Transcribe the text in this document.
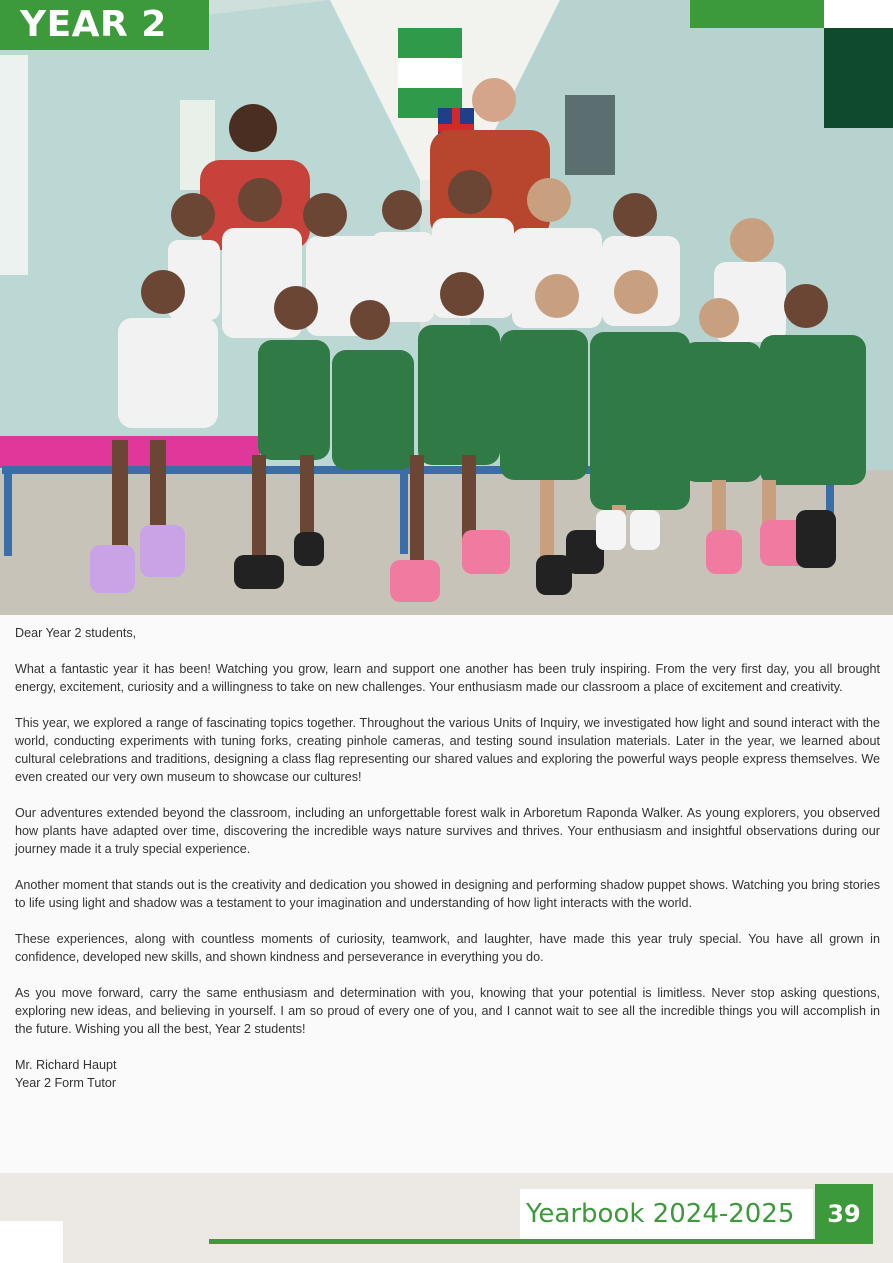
YEAR 2

Dear Year 2 students,

What a fantastic year it has been! Watching you grow, learn and support one another has been truly inspiring. From the very first day, you all brought energy, excitement, curiosity and a willingness to take on new challenges. Your enthusiasm made our classroom a place of excitement and creativity.

This year, we explored a range of fascinating topics together. Throughout the various Units of Inquiry, we investigated how light and sound interact with the world, conducting experiments with tuning forks, creating pinhole cameras, and testing sound insulation materials. Later in the year, we learned about cultural celebrations and traditions, designing a class flag representing our shared values and exploring the powerful ways people express themselves. We even created our very own museum to showcase our cultures!

Our adventures extended beyond the classroom, including an unforgettable forest walk in Arboretum Raponda Walker. As young explorers, you observed how plants have adapted over time, discovering the incredible ways nature survives and thrives. Your enthusiasm and insightful observations during our journey made it a truly special experience.

Another moment that stands out is the creativity and dedication you showed in designing and performing shadow puppet shows. Watching you bring stories to life using light and shadow was a testament to your imagination and understanding of how light interacts with the world.

These experiences, along with countless moments of curiosity, teamwork, and laughter, have made this year truly special. You have all grown in confidence, developed new skills, and shown kindness and perseverance in everything you do.

As you move forward, carry the same enthusiasm and determination with you, knowing that your potential is limitless. Never stop asking questions, exploring new ideas, and believing in yourself. I am so proud of every one of you, and I cannot wait to see all the incredible things you will accomplish in the future. Wishing you all the best, Year 2 students!

Mr. Richard Haupt
Year 2 Form Tutor
Yearbook 2024-2025	39
